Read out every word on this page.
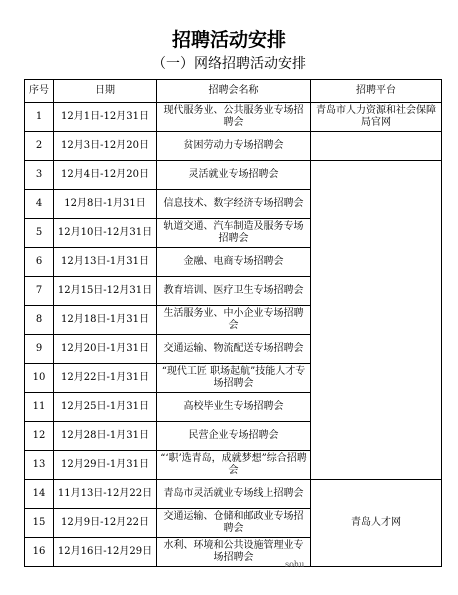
招聘活动安排
（一）网络招聘活动安排
序号	日期	招聘会名称	招聘平台
1	12月1日-12月31日	现代服务业、公共服务业专场招聘会	青岛市人力资源和社会保障局官网
2	12月3日-12月20日	贫困劳动力专场招聘会	
3	12月4日-12月20日	灵活就业专场招聘会	
4	12月8日-1月31日	信息技术、数字经济专场招聘会	
5	12月10日-12月31日	轨道交通、汽车制造及服务专场招聘会	
6	12月13日-1月31日	金融、电商专场招聘会	
7	12月15日-12月31日	教育培训、医疗卫生专场招聘会	
8	12月18日-1月31日	生活服务业、中小企业专场招聘会	
9	12月20日-1月31日	交通运输、物流配送专场招聘会	
10	12月22日-1月31日	“现代工匠 职场起航”技能人才专场招聘会	
11	12月25日-1月31日	高校毕业生专场招聘会	
12	12月28日-1月31日	民营企业专场招聘会	
13	12月29日-1月31日	“‘职’选青岛，成就梦想”综合招聘会	
14	11月13日-12月22日	青岛市灵活就业专场线上招聘会	青岛人才网
15	12月9日-12月22日	交通运输、仓储和邮政业专场招聘会	
16	12月16日-12月29日	水利、环境和公共设施管理业专场招聘会	
sohu
